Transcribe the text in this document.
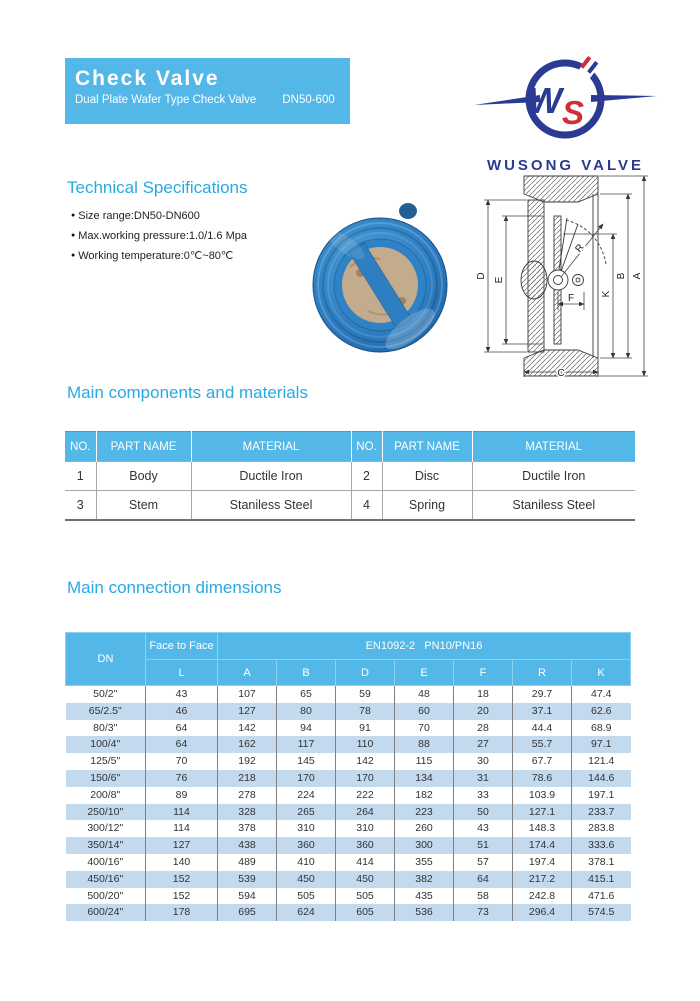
Check Valve
Dual Plate Wafer Type Check Valve DN50-600	W S
WUSONG VALVE
Technical Specifications
● Size range:DN50-DN600
● Max.working pressure:1.0/1.6 Mpa
● Working temperature:0℃~80℃
A
B
K
D
E
R
F
C
Main components and materials
NO.	PART NAME	MATERIAL	NO.	PART NAME	MATERIAL
1	Body	Ductile Iron	2	Disc	Ductile Iron
3	Stem	Staniless Steel	4	Spring	Staniless Steel
Main connection dimensions
DN	Face to Face	EN1092-2   PN10/PN16						
	L	A	B	D	E	F	R	K
50/2"	43	107	65	59	48	18	29.7	47.4
65/2.5"	46	127	80	78	60	20	37.1	62.6
80/3"	64	142	94	91	70	28	44.4	68.9
100/4"	64	162	117	110	88	27	55.7	97.1
125/5"	70	192	145	142	115	30	67.7	121.4
150/6"	76	218	170	170	134	31	78.6	144.6
200/8"	89	278	224	222	182	33	103.9	197.1
250/10"	114	328	265	264	223	50	127.1	233.7
300/12"	114	378	310	310	260	43	148.3	283.8
350/14"	127	438	360	360	300	51	174.4	333.6
400/16"	140	489	410	414	355	57	197.4	378.1
450/16"	152	539	450	450	382	64	217.2	415.1
500/20"	152	594	505	505	435	58	242.8	471.6
600/24"	178	695	624	605	536	73	296.4	574.5
